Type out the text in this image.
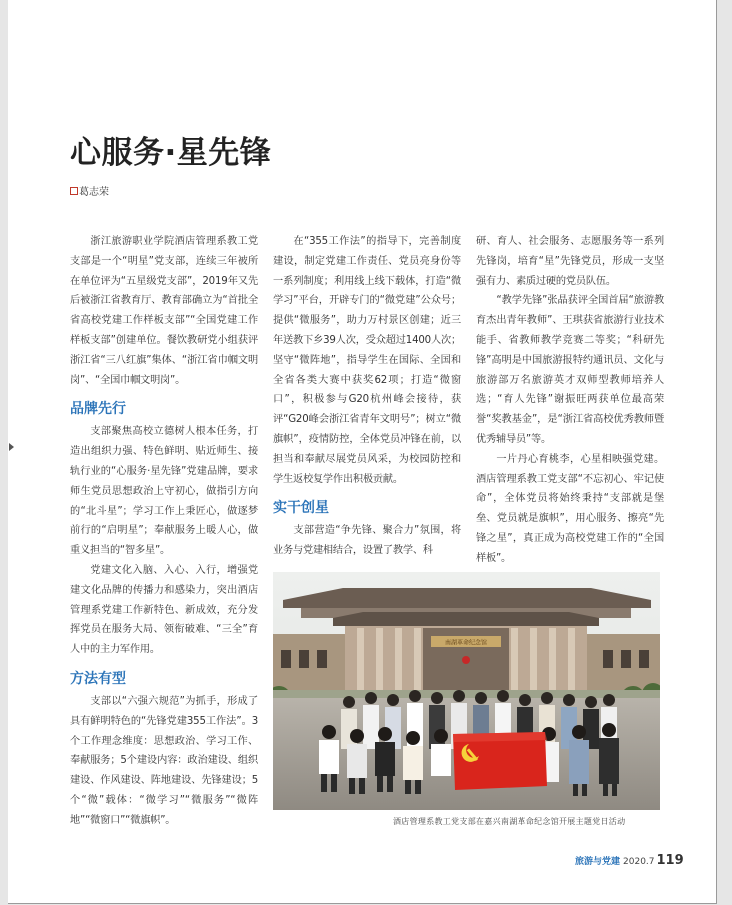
心服务·星先锋
葛志荣

浙江旅游职业学院酒店管理系教工党支部是一个“明星”党支部，连续三年被所在单位评为“五星级党支部”，2019年又先后被浙江省教育厅、教育部确立为“首批全省高校党建工作样板支部”“全国党建工作样板支部”创建单位。餐饮教研党小组获评浙江省“三八红旗”集体、“浙江省巾帼文明岗”、“全国巾帼文明岗”。

品牌先行

支部聚焦高校立德树人根本任务，打造出组织力强、特色鲜明、贴近师生、接轨行业的“心服务·星先锋”党建品牌，要求师生党员思想政治上守初心，做指引方向的“北斗星”；学习工作上秉匠心，做逐梦前行的“启明星”；奉献服务上暖人心，做重义担当的“智多星”。

党建文化入脑、入心、入行，增强党建文化品牌的传播力和感染力，突出酒店管理系党建工作新特色、新成效，充分发挥党员在服务大局、领衔破难、“三全”育人中的主力军作用。

方法有型

支部以“六强六规范”为抓手，形成了具有鲜明特色的“先锋党建355工作法”。3个工作理念维度：思想政治、学习工作、奉献服务；5个建设内容：政治建设、组织建设、作风建设、阵地建设、先锋建设；5个“微”载体：“微学习”“微服务”“微阵地”“微窗口”“微旗帜”。

在“355工作法”的指导下，完善制度建设，制定党建工作责任、党员亮身份等一系列制度；利用线上线下载体，打造“微学习”平台，开辟专门的“微党建”公众号；提供“微服务”，助力万村景区创建；近三年送教下乡39人次，受众超过1400人次；坚守“微阵地”，指导学生在国际、全国和全省各类大赛中获奖62项；打造“微窗口”，积极参与G20杭州峰会接待，获评“G20峰会浙江省青年文明号”；树立“微旗帜”，疫情防控，全体党员冲锋在前，以担当和奉献尽展党员风采，为校园防控和学生返校复学作出积极贡献。

实干创星

支部营造“争先锋、聚合力”氛围，将业务与党建相结合，设置了教学、科

研、育人、社会服务、志愿服务等一系列先锋岗，培育“星”先锋党员，形成一支坚强有力、素质过硬的党员队伍。

“教学先锋”张晶获评全国首届“旅游教育杰出青年教师”、王琪获省旅游行业技术能手、省教师教学竞赛二等奖；“科研先锋”高明是中国旅游报特约通讯员、文化与旅游部万名旅游英才双师型教师培养人选；“育人先锋”谢振旺两获单位最高荣誉“奖教基金”，是“浙江省高校优秀教师暨优秀辅导员”等。

一片丹心育桃李，心星相映强党建。酒店管理系教工党支部“不忘初心、牢记使命”，全体党员将始终秉持“支部就是堡垒、党员就是旗帜”，用心服务、擦亮“先锋之星”，真正成为高校党建工作的“全国样板”。

南湖革命纪念馆
酒店管理系教工党支部在嘉兴南湖革命纪念馆开展主题党日活动
旅游与党建 2020.7 119
